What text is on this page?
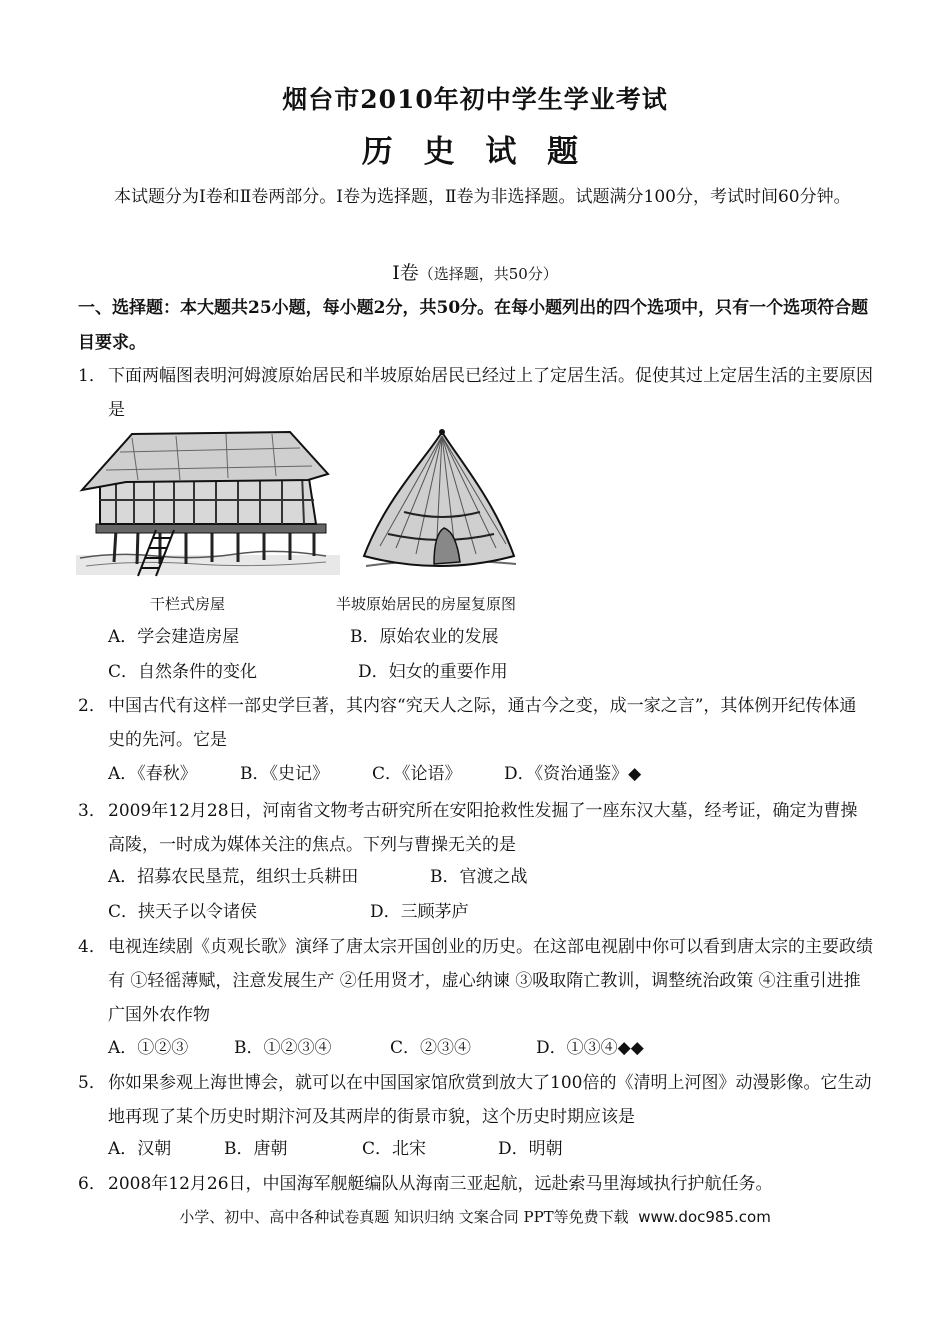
烟台市2010年初中学生学业考试
历 史 试 题
本试题分为Ⅰ卷和Ⅱ卷两部分。Ⅰ卷为选择题，Ⅱ卷为非选择题。试题满分100分，考试时间60分钟。
Ⅰ卷（选择题，共50分）
一、选择题：本大题共25小题，每小题2分，共50分。在每小题列出的四个选项中，只有一个选项符合题目要求。
1． 下面两幅图表明河姆渡原始居民和半坡原始居民已经过上了定居生活。促使其过上定居生活的主要原因是
干栏式房屋	半坡原始居民的房屋复原图
A．学会建造房屋	B．原始农业的发展
C．自然条件的变化	D．妇女的重要作用
2． 中国古代有这样一部史学巨著，其内容“究天人之际，通古今之变，成一家之言”，其体例开纪传体通史的先河。它是
A．《春秋》	B．《史记》	C．《论语》 D．《资治通鉴》◆
3． 2009年12月28日，河南省文物考古研究所在安阳抢救性发掘了一座东汉大墓，经考证，确定为曹操高陵，一时成为媒体关注的焦点。下列与曹操无关的是
A．招募农民垦荒，组织士兵耕田	B．官渡之战
C．挟天子以令诸侯	D．三顾茅庐
4． 电视连续剧《贞观长歌》演绎了唐太宗开国创业的历史。在这部电视剧中你可以看到唐太宗的主要政绩有 ①轻徭薄赋，注意发展生产 ②任用贤才，虚心纳谏 ③吸取隋亡教训，调整统治政策 ④注重引进推广国外农作物
A．①②③	B．①②③④	C．②③④	D．①③④◆◆
5． 你如果参观上海世博会，就可以在中国国家馆欣赏到放大了100倍的《清明上河图》动漫影像。它生动地再现了某个历史时期汴河及其两岸的街景市貌，这个历史时期应该是
A．汉朝	B．唐朝	C．北宋	D．明朝
6． 2008年12月26日，中国海军舰艇编队从海南三亚起航，远赴索马里海域执行护航任务。
小学、初中、高中各种试卷真题 知识归纳 文案合同 PPT等免费下载 www.doc985.com
